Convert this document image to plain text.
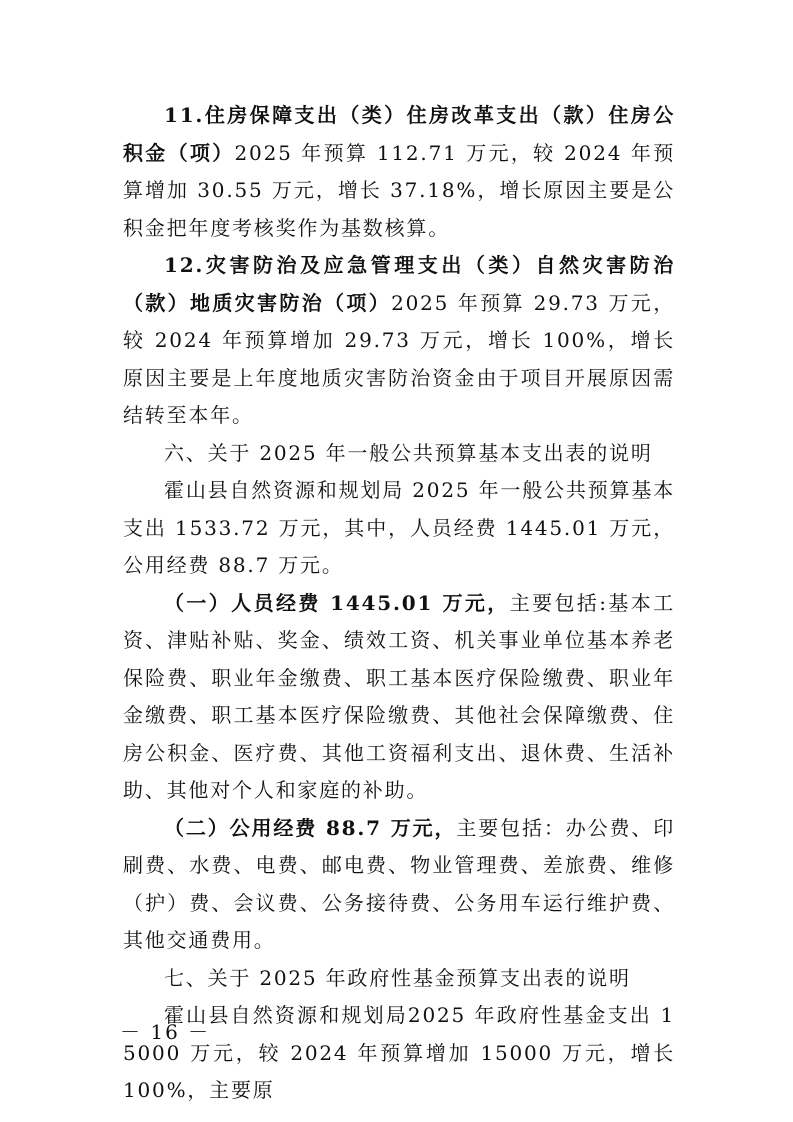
11.住房保障支出（类）住房改革支出（款）住房公积金（项）2025 年预算 112.71 万元，较 2024 年预算增加 30.55 万元，增长 37.18%，增长原因主要是公积金把年度考核奖作为基数核算。

12.灾害防治及应急管理支出（类）自然灾害防治（款）地质灾害防治（项）2025 年预算 29.73 万元，较 2024 年预算增加 29.73 万元，增长 100%，增长原因主要是上年度地质灾害防治资金由于项目开展原因需结转至本年。

六、关于 2025 年一般公共预算基本支出表的说明

霍山县自然资源和规划局 2025 年一般公共预算基本支出 1533.72 万元，其中，人员经费 1445.01 万元，公用经费 88.7 万元。

（一）人员经费 1445.01 万元，主要包括:基本工资、津贴补贴、奖金、绩效工资、机关事业单位基本养老保险费、职业年金缴费、职工基本医疗保险缴费、职业年金缴费、职工基本医疗保险缴费、其他社会保障缴费、住房公积金、医疗费、其他工资福利支出、退休费、生活补助、其他对个人和家庭的补助。

（二）公用经费 88.7 万元，主要包括：办公费、印刷费、水费、电费、邮电费、物业管理费、差旅费、维修（护）费、会议费、公务接待费、公务用车运行维护费、其他交通费用。

七、关于 2025 年政府性基金预算支出表的说明

霍山县自然资源和规划局2025 年政府性基金支出 15000 万元，较 2024 年预算增加 15000 万元，增长 100%，主要原

－ 16 －
